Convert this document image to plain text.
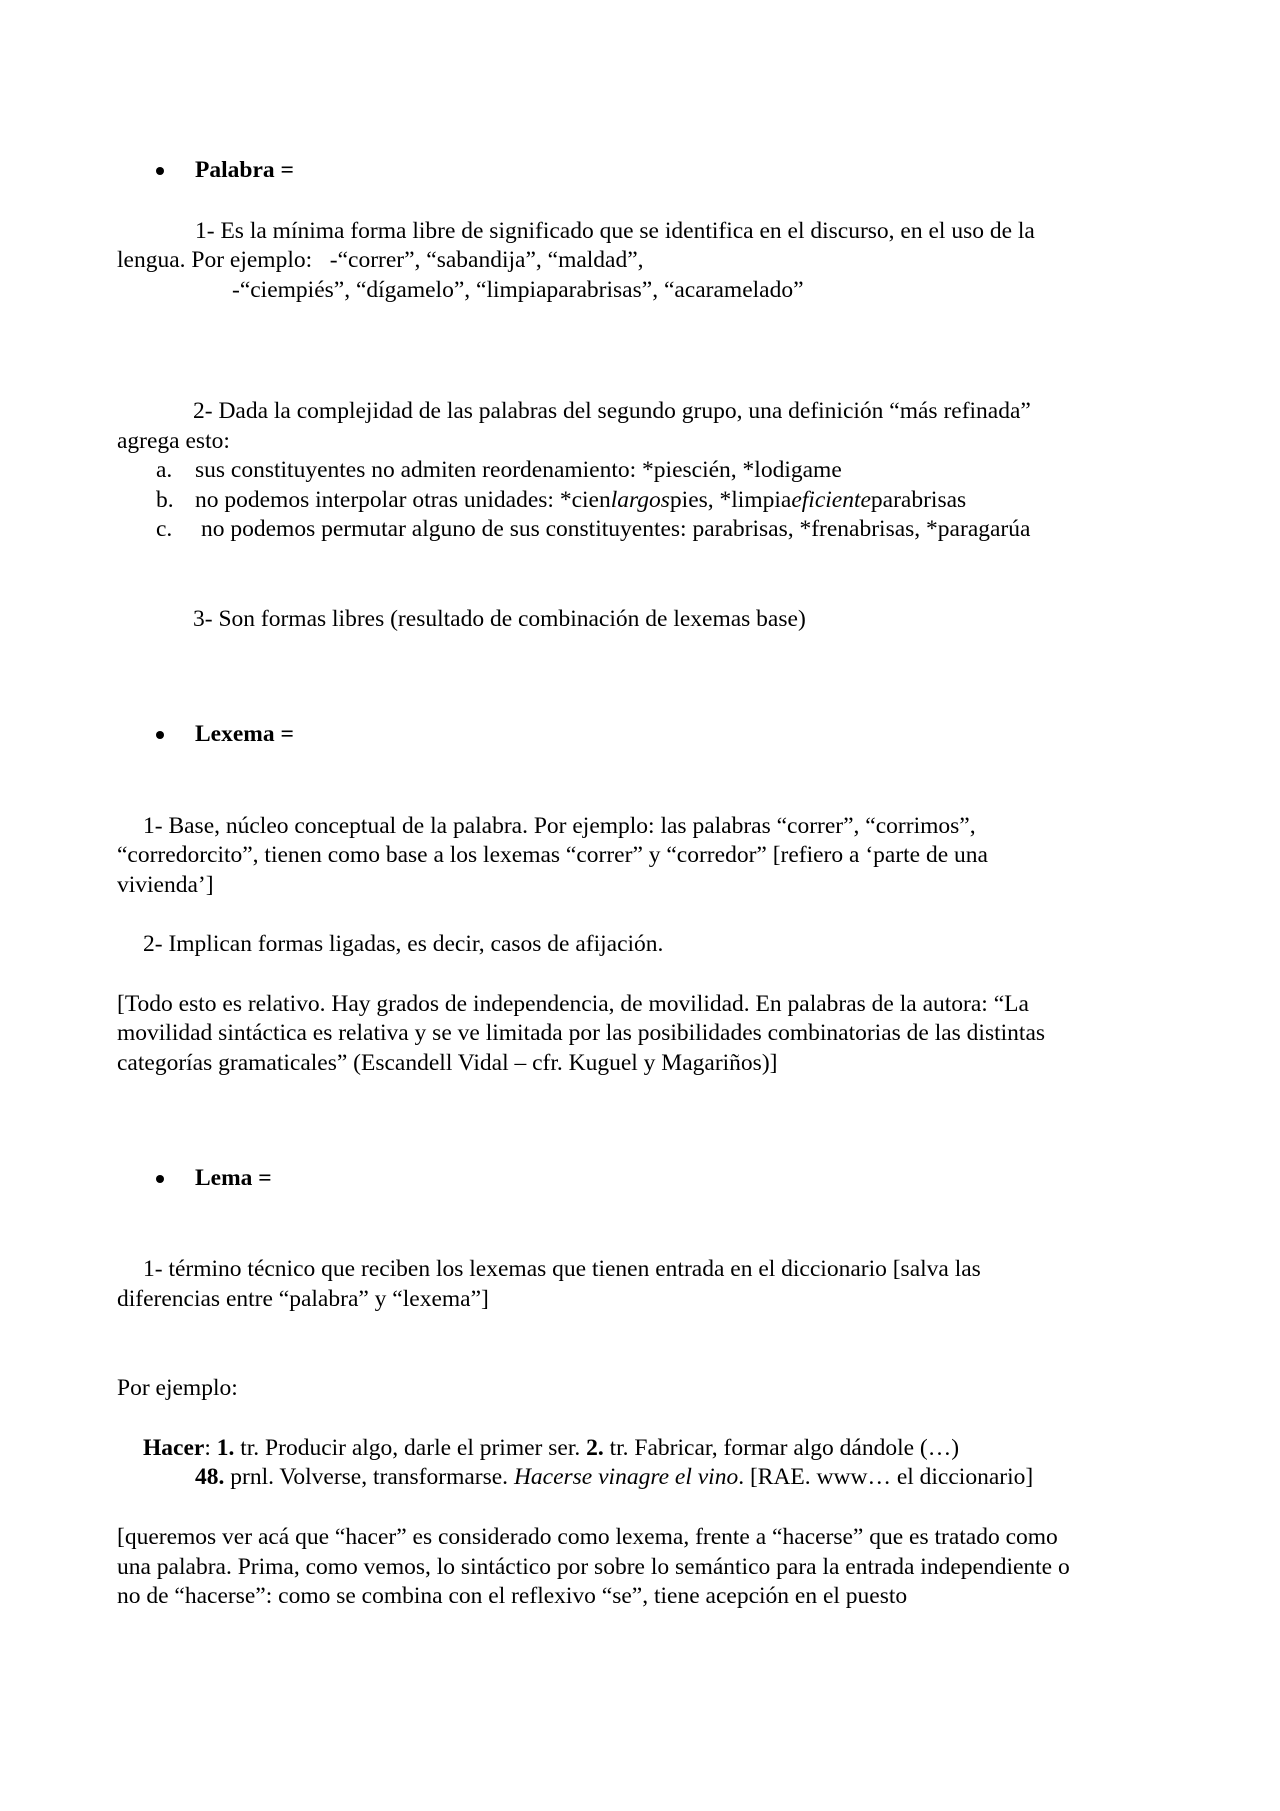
Palabra =
1- Es la mínima forma libre de significado que se identifica en el discurso, en el uso de la
lengua. Por ejemplo:   -“correr”, “sabandija”, “maldad”,
-“ciempiés”, “dígamelo”, “limpiaparabrisas”, “acaramelado”
2- Dada la complejidad de las palabras del segundo grupo, una definición “más refinada”
agrega esto:
a. sus constituyentes no admiten reordenamiento: *piescién, *lodigame
b. no podemos interpolar otras unidades: *cienlargospies, *limpiaeficienteparabrisas
c. no podemos permutar alguno de sus constituyentes: parabrisas, *frenabrisas, *paragarúa
3- Son formas libres (resultado de combinación de lexemas base)
Lexema =
1- Base, núcleo conceptual de la palabra. Por ejemplo: las palabras “correr”, “corrimos”,
“corredorcito”, tienen como base a los lexemas “correr” y “corredor” [refiero a ‘parte de una
vivienda’]
2- Implican formas ligadas, es decir, casos de afijación.
[Todo esto es relativo. Hay grados de independencia, de movilidad. En palabras de la autora: “La
movilidad sintáctica es relativa y se ve limitada por las posibilidades combinatorias de las distintas
categorías gramaticales” (Escandell Vidal – cfr. Kuguel y Magariños)]
Lema =
1- término técnico que reciben los lexemas que tienen entrada en el diccionario [salva las
diferencias entre “palabra” y “lexema”]
Por ejemplo:
Hacer: 1. tr. Producir algo, darle el primer ser. 2. tr. Fabricar, formar algo dándole (…)
48. prnl. Volverse, transformarse. Hacerse vinagre el vino. [RAE. www… el diccionario]
[queremos ver acá que “hacer” es considerado como lexema, frente a “hacerse” que es tratado como
una palabra. Prima, como vemos, lo sintáctico por sobre lo semántico para la entrada independiente o
no de “hacerse”: como se combina con el reflexivo “se”, tiene acepción en el puesto
